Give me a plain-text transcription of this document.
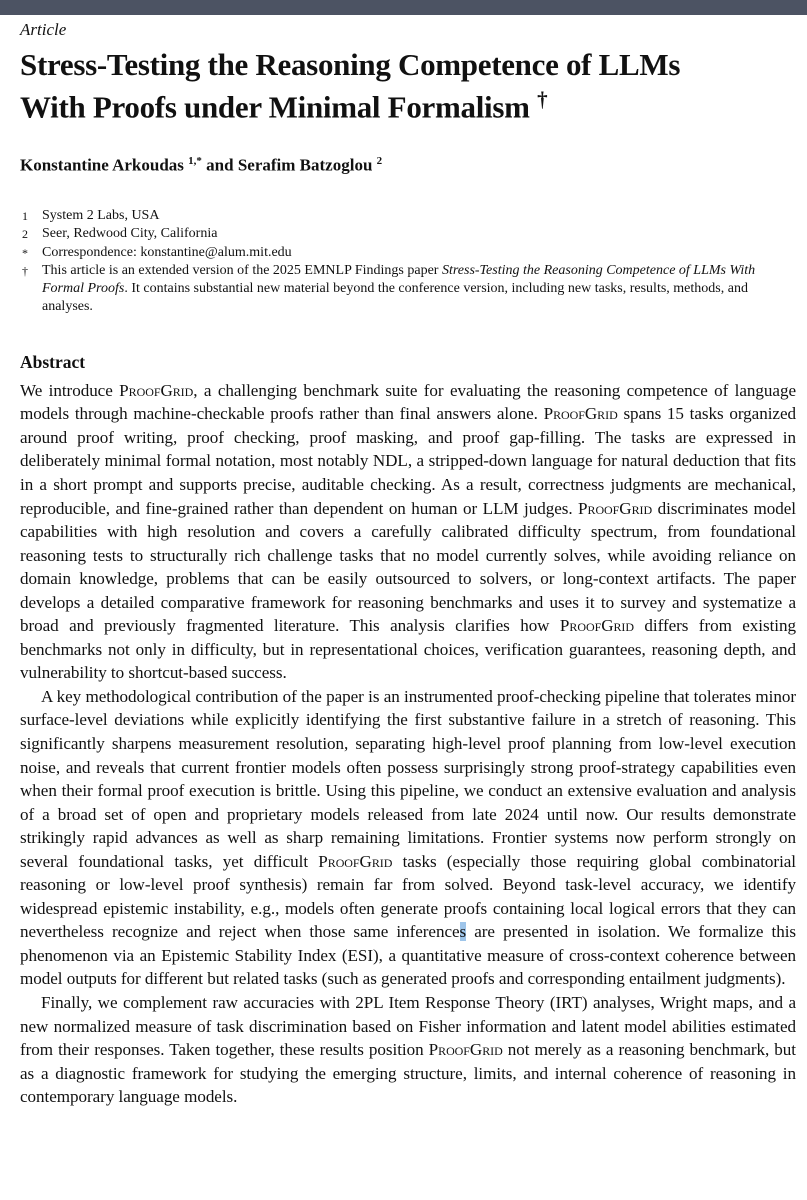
Article
Stress-Testing the Reasoning Competence of LLMs
With Proofs under Minimal Formalism †
Konstantine Arkoudas $^{1,*}$ and Serafim Batzoglou $^2$
1	System 2 Labs, USA
2	Seer, Redwood City, California
*	Correspondence: konstantine@alum.mit.edu
†	This article is an extended version of the 2025 EMNLP Findings paper Stress-Testing the Reasoning Competence of LLMs With Formal Proofs. It contains substantial new material beyond the conference version, including new tasks, results, methods, and analyses.
Abstract

We introduce ProofGrid, a challenging benchmark suite for evaluating the reasoning competence of language models through machine-checkable proofs rather than final answers alone. ProofGrid spans 15 tasks organized around proof writing, proof checking, proof masking, and proof gap-filling. The tasks are expressed in deliberately minimal formal notation, most notably NDL, a stripped-down language for natural deduction that fits in a short prompt and supports precise, auditable checking. As a result, correctness judgments are mechanical, reproducible, and fine-grained rather than dependent on human or LLM judges. ProofGrid discriminates model capabilities with high resolution and covers a carefully calibrated difficulty spectrum, from foundational reasoning tests to structurally rich challenge tasks that no model currently solves, while avoiding reliance on domain knowledge, problems that can be easily outsourced to solvers, or long-context artifacts. The paper develops a detailed comparative framework for reasoning benchmarks and uses it to survey and systematize a broad and previously fragmented literature. This analysis clarifies how ProofGrid differs from existing benchmarks not only in difficulty, but in representational choices, verification guarantees, reasoning depth, and vulnerability to shortcut-based success.

A key methodological contribution of the paper is an instrumented proof-checking pipeline that tolerates minor surface-level deviations while explicitly identifying the first substantive failure in a stretch of reasoning. This significantly sharpens measurement resolution, separating high-level proof planning from low-level execution noise, and reveals that current frontier models often possess surprisingly strong proof-strategy capabilities even when their formal proof execution is brittle. Using this pipeline, we conduct an extensive evaluation and analysis of a broad set of open and proprietary models released from late 2024 until now. Our results demonstrate strikingly rapid advances as well as sharp remaining limitations. Frontier systems now perform strongly on several foundational tasks, yet difficult ProofGrid tasks (especially those requiring global combinatorial reasoning or low-level proof synthesis) remain far from solved. Beyond task-level accuracy, we identify widespread epistemic instability, e.g., models often generate proofs containing local logical errors that they can nevertheless recognize and reject when those same inferences are presented in isolation. We formalize this phenomenon via an Epistemic Stability Index (ESI), a quantitative measure of cross-context coherence between model outputs for different but related tasks (such as generated proofs and corresponding entailment judgments).

Finally, we complement raw accuracies with 2PL Item Response Theory (IRT) analyses, Wright maps, and a new normalized measure of task discrimination based on Fisher information and latent model abilities estimated from their responses. Taken together, these results position ProofGrid not merely as a reasoning benchmark, but as a diagnostic framework for studying the emerging structure, limits, and internal coherence of reasoning in contemporary language models.
